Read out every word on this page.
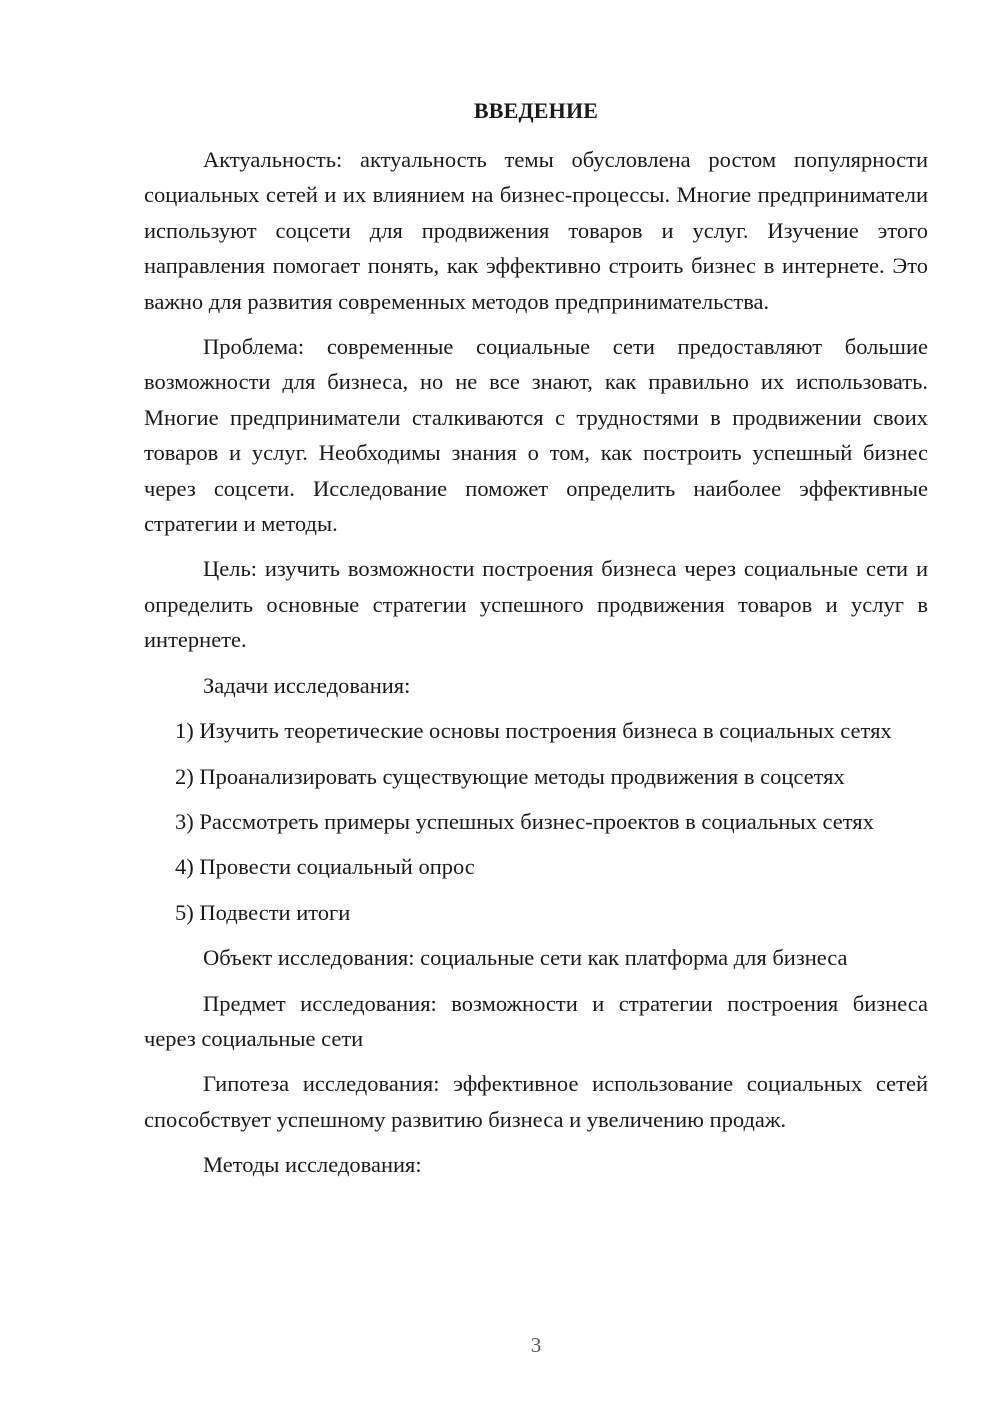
ВВЕДЕНИЕ

Актуальность: актуальность темы обусловлена ростом популярности социальных сетей и их влиянием на бизнес-процессы. Многие предприниматели используют соцсети для продвижения товаров и услуг. Изучение этого направления помогает понять, как эффективно строить бизнес в интернете. Это важно для развития современных методов предпринимательства.

Проблема: современные социальные сети предоставляют большие возможности для бизнеса, но не все знают, как правильно их использовать. Многие предприниматели сталкиваются с трудностями в продвижении своих товаров и услуг. Необходимы знания о том, как построить успешный бизнес через соцсети. Исследование поможет определить наиболее эффективные стратегии и методы.

Цель: изучить возможности построения бизнеса через социальные сети и определить основные стратегии успешного продвижения товаров и услуг в интернете.

Задачи исследования:

1) Изучить теоретические основы построения бизнеса в социальных сетях

2) Проанализировать существующие методы продвижения в соцсетях

3) Рассмотреть примеры успешных бизнес-проектов в социальных сетях

4) Провести социальный опрос

5) Подвести итоги

Объект исследования: социальные сети как платформа для бизнеса

Предмет исследования: возможности и стратегии построения бизнеса через социальные сети

Гипотеза исследования: эффективное использование социальных сетей способствует успешному развитию бизнеса и увеличению продаж.

Методы исследования:

3
